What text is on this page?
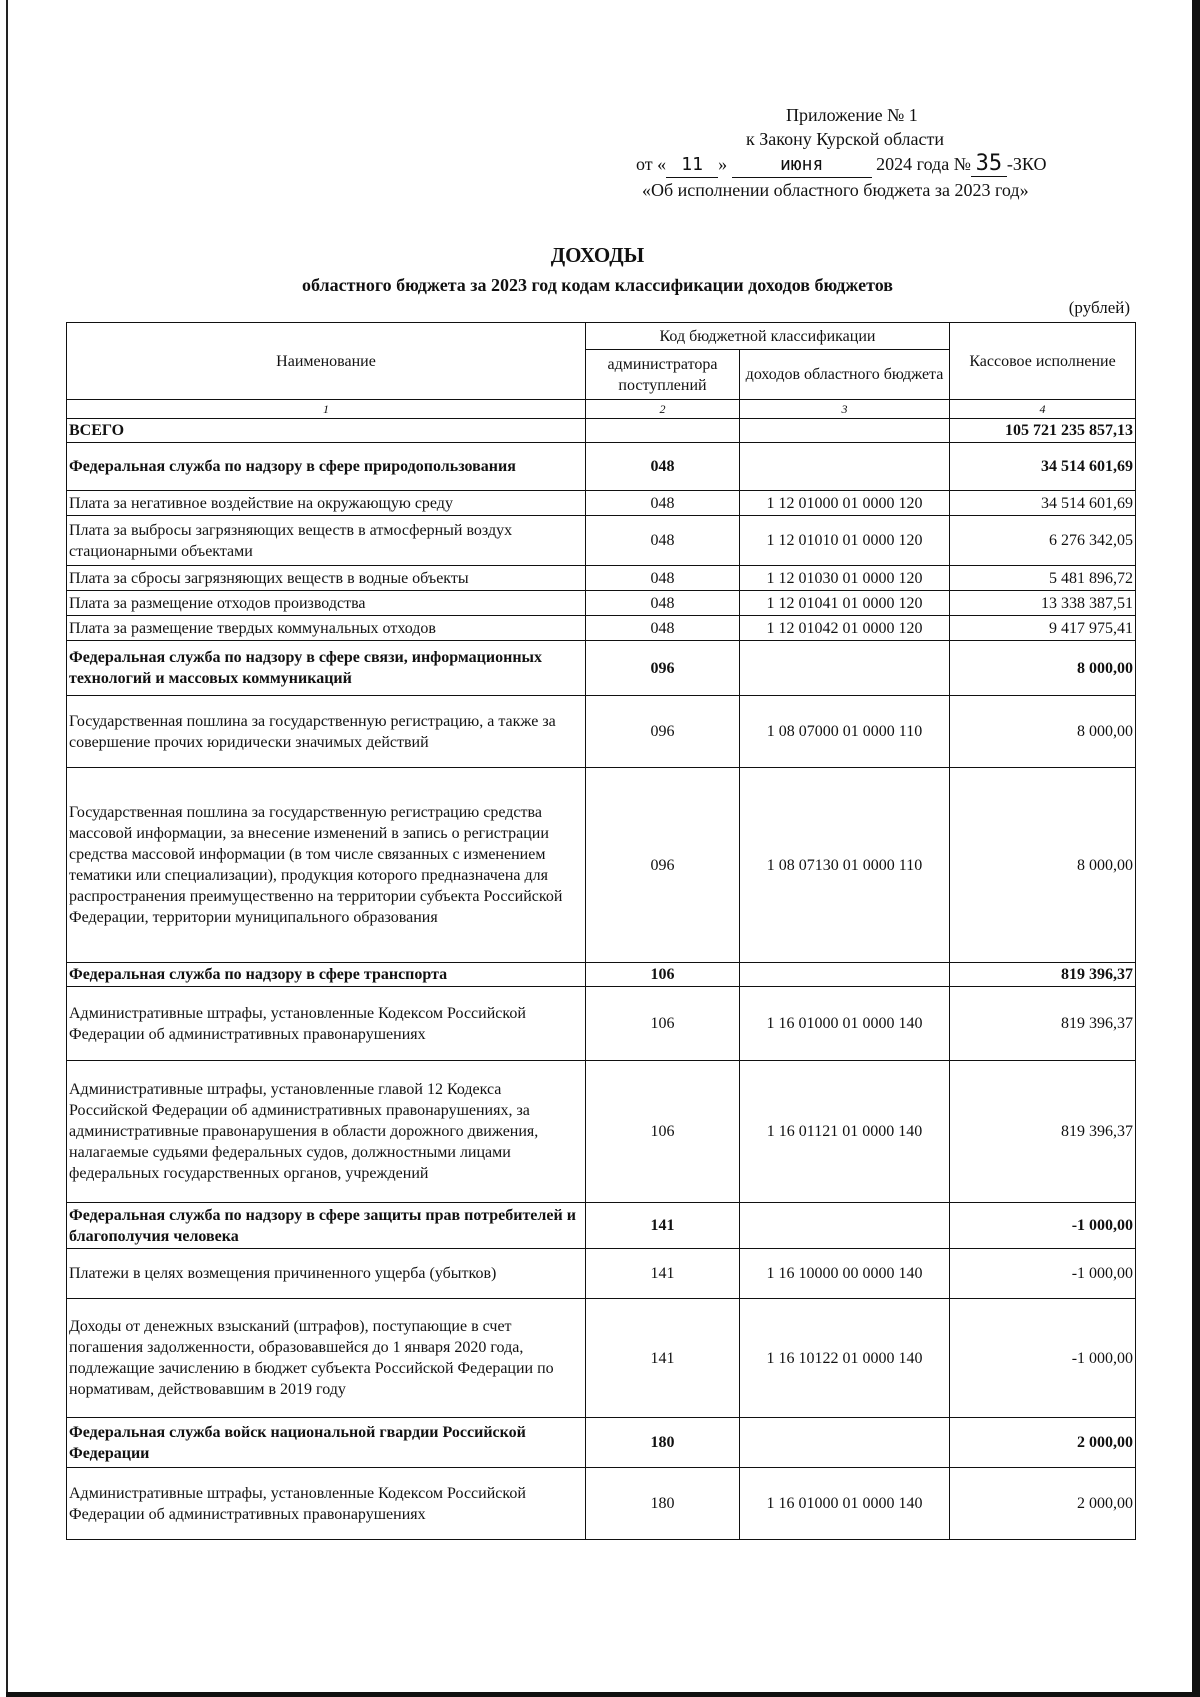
Приложение № 1
к Закону Курской области
от « 11 »	июня	2024 года № 35 -ЗКО
«Об исполнении областного бюджета за 2023 год»
ДОХОДЫ
областного бюджета за 2023 год кодам классификации доходов бюджетов
(рублей)
Наименование	Код бюджетной классификации		Кассовое исполнение
	администратора поступлений	доходов областного бюджета	
1	2	3	4
ВСЕГО			105 721 235 857,13
Федеральная служба по надзору в сфере природопользования	048		34 514 601,69
Плата за негативное воздействие на окружающую среду	048	1 12 01000 01 0000 120	34 514 601,69
Плата за выбросы загрязняющих веществ в атмосферный воздух стационарными объектами	048	1 12 01010 01 0000 120	6 276 342,05
Плата за сбросы загрязняющих веществ в водные объекты	048	1 12 01030 01 0000 120	5 481 896,72
Плата за размещение отходов производства	048	1 12 01041 01 0000 120	13 338 387,51
Плата за размещение твердых коммунальных отходов	048	1 12 01042 01 0000 120	9 417 975,41
Федеральная служба по надзору в сфере связи, информационных технологий и массовых коммуникаций	096		8 000,00
Государственная пошлина за государственную регистрацию, а также за совершение прочих юридически значимых действий	096	1 08 07000 01 0000 110	8 000,00
Государственная пошлина за государственную регистрацию средства массовой информации, за внесение изменений в запись о регистрации средства массовой информации (в том числе связанных с изменением тематики или специализации), продукция которого предназначена для распространения преимущественно на территории субъекта Российской Федерации, территории муниципального образования	096	1 08 07130 01 0000 110	8 000,00
Федеральная служба по надзору в сфере транспорта	106		819 396,37
Административные штрафы, установленные Кодексом Российской Федерации об административных правонарушениях	106	1 16 01000 01 0000 140	819 396,37
Административные штрафы, установленные главой 12 Кодекса Российской Федерации об административных правонарушениях, за административные правонарушения в области дорожного движения, налагаемые судьями федеральных судов, должностными лицами федеральных государственных органов, учреждений	106	1 16 01121 01 0000 140	819 396,37
Федеральная служба по надзору в сфере защиты прав потребителей и благополучия человека	141		-1 000,00
Платежи в целях возмещения причиненного ущерба (убытков)	141	1 16 10000 00 0000 140	-1 000,00
Доходы от денежных взысканий (штрафов), поступающие в счет погашения задолженности, образовавшейся до 1 января 2020 года, подлежащие зачислению в бюджет субъекта Российской Федерации по нормативам, действовавшим в 2019 году	141	1 16 10122 01 0000 140	-1 000,00
Федеральная служба войск национальной гвардии Российской Федерации	180		2 000,00
Административные штрафы, установленные Кодексом Российской Федерации об административных правонарушениях	180	1 16 01000 01 0000 140	2 000,00
